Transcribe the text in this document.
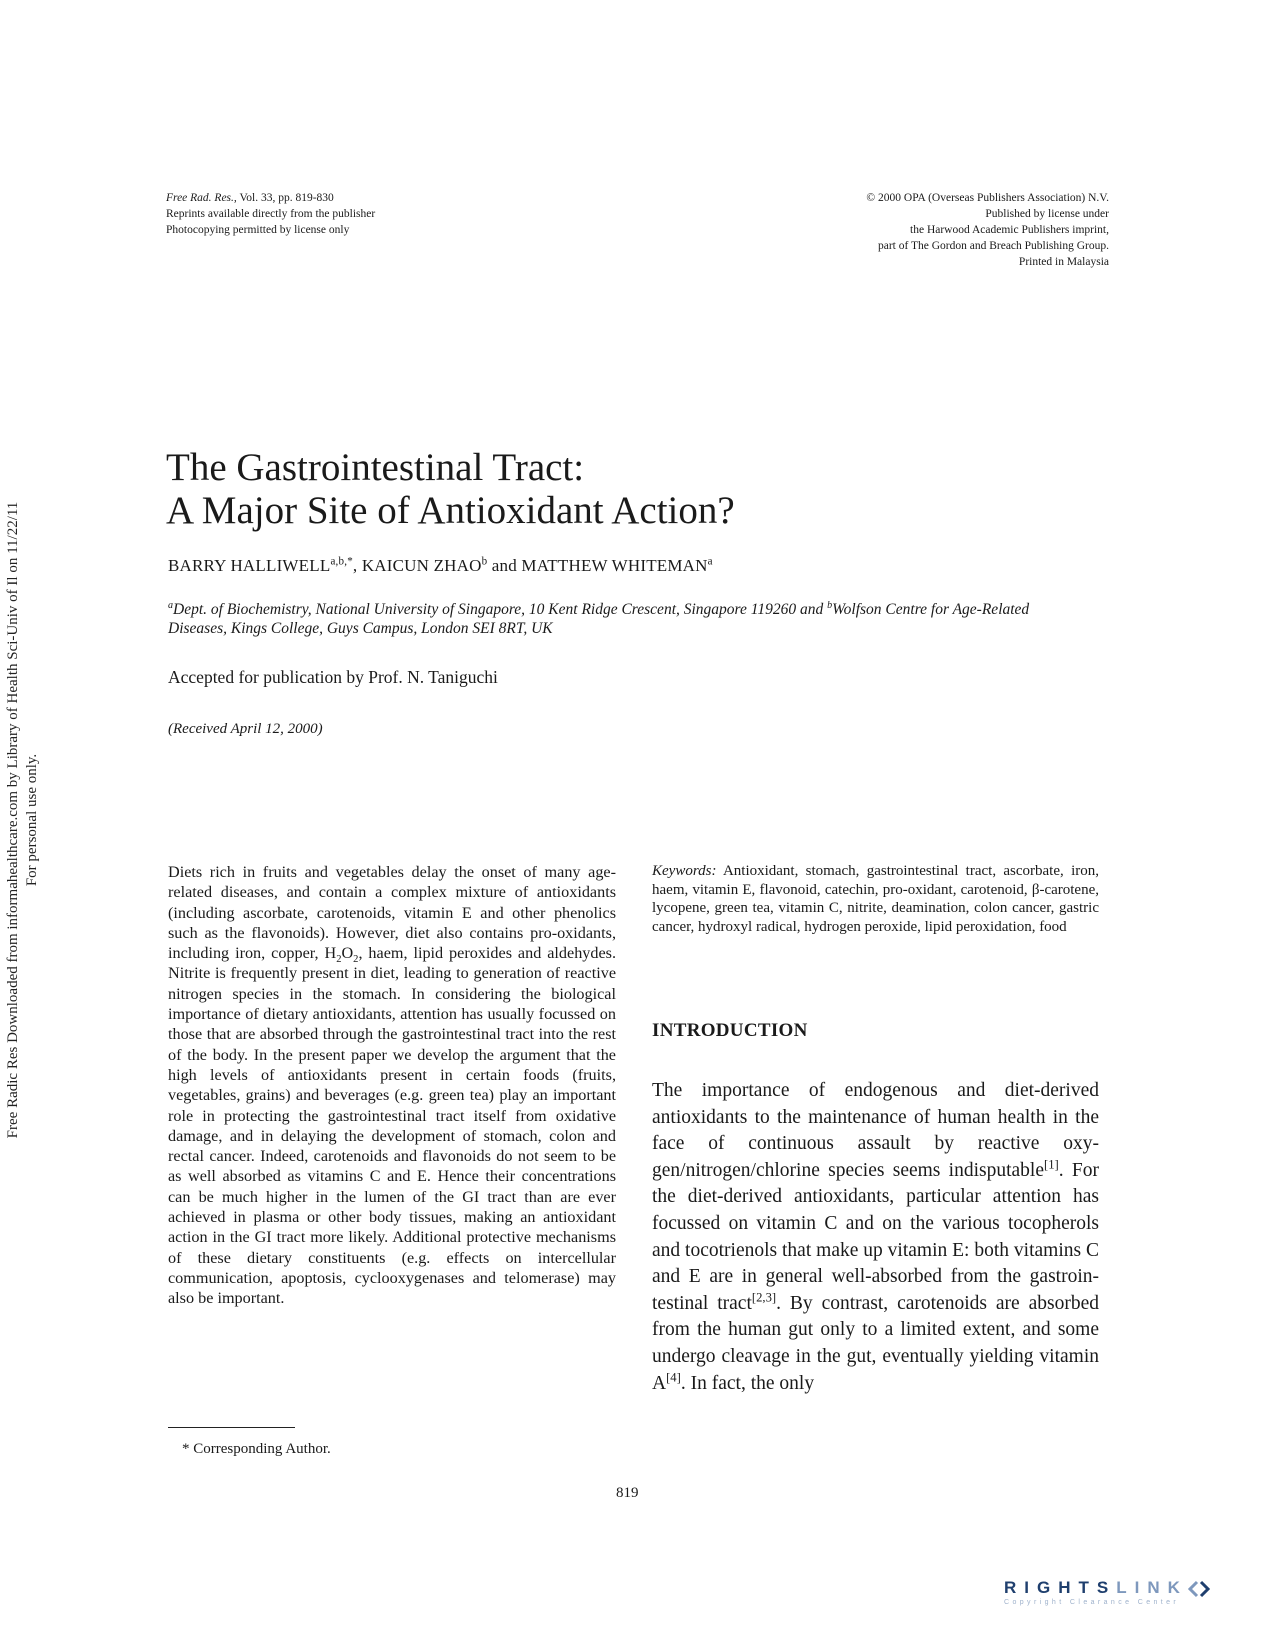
Free Radic Res Downloaded from informahealthcare.com by Library of Health Sci-Univ of Il on 11/22/11 For personal use only.
Free Rad. Res., Vol. 33, pp. 819-830
Reprints available directly from the publisher
Photocopying permitted by license only
© 2000 OPA (Overseas Publishers Association) N.V.
Published by license under
the Harwood Academic Publishers imprint,
part of The Gordon and Breach Publishing Group.
Printed in Malaysia
The Gastrointestinal Tract:
A Major Site of Antioxidant Action?
BARRY $HALLIWELL^{a,b,*}$, KAICUN ZHAO$^b$ and MATTHEW WHITEMAN$^a$
$^a$Dept. of Biochemistry, National University of Singapore, 10 Kent Ridge Crescent, Singapore 119260 and $^b$Wolfson Centre for Age-Related Diseases, Kings College, Guys Campus, London SEI 8RT, UK
Accepted for publication by Prof. N. Taniguchi
(Received April 12, 2000)
Diets rich in fruits and vegetables delay the onset of many age-related diseases, and contain a complex mixture of antioxidants (including ascorbate, carotenoids, vitamin E and other phenolics such as the flavonoids). However, diet also contains pro-oxidants, including iron, copper, $H_2O_2$, haem, lipid peroxides and aldehydes. Nitrite is frequently present in diet, leading to generation of reactive nitrogen species in the stomach. In considering the biological importance of dietary antioxidants, attention has usually focussed on those that are absorbed through the gastrointestinal tract into the rest of the body. In the present paper we develop the argument that the high levels of antioxidants present in certain foods (fruits, vegetables, grains) and beverages (e.g. green tea) play an important role in protecting the gastrointestinal tract itself from oxidative damage, and in delaying the development of stomach, colon and rectal cancer. Indeed, carotenoids and flavonoids do not seem to be as well absorbed as vitamins C and E. Hence their concentrations can be much higher in the lumen of the GI tract than are ever achieved in plasma or other body tissues, making an antioxidant action in the GI tract more likely. Additional protective mechanisms of these dietary constituents (e.g. effects on intercellular communication, apoptosis, cyclooxygenases and telomerase) may also be important.
Keywords: Antioxidant, stomach, gastrointestinal tract, ascorbate, iron, haem, vitamin E, flavonoid, catechin, pro-oxidant, carotenoid, β-carotene, lycopene, green tea, vitamin C, nitrite, deamination, colon cancer, gastric cancer, hydroxyl radical, hydrogen peroxide, lipid peroxidation, food
INTRODUCTION
The importance of endogenous and diet-derived antioxidants to the maintenance of human health in the face of continuous assault by reactive oxygen/nitrogen/chlorine species seems indisputable[1]. For the diet-derived antioxidants, particular attention has focussed on vitamin C and on the various tocopherols and tocotrienols that make up vitamin E: both vitamins C and E are in general well-absorbed from the gastrointestinal tract[2,3]. By contrast, carotenoids are absorbed from the human gut only to a limited extent, and some undergo cleavage in the gut, eventually yielding vitamin A[4]. In fact, the only
* Corresponding Author.
819
RIGHTSLINK
Copyright Clearance Center
